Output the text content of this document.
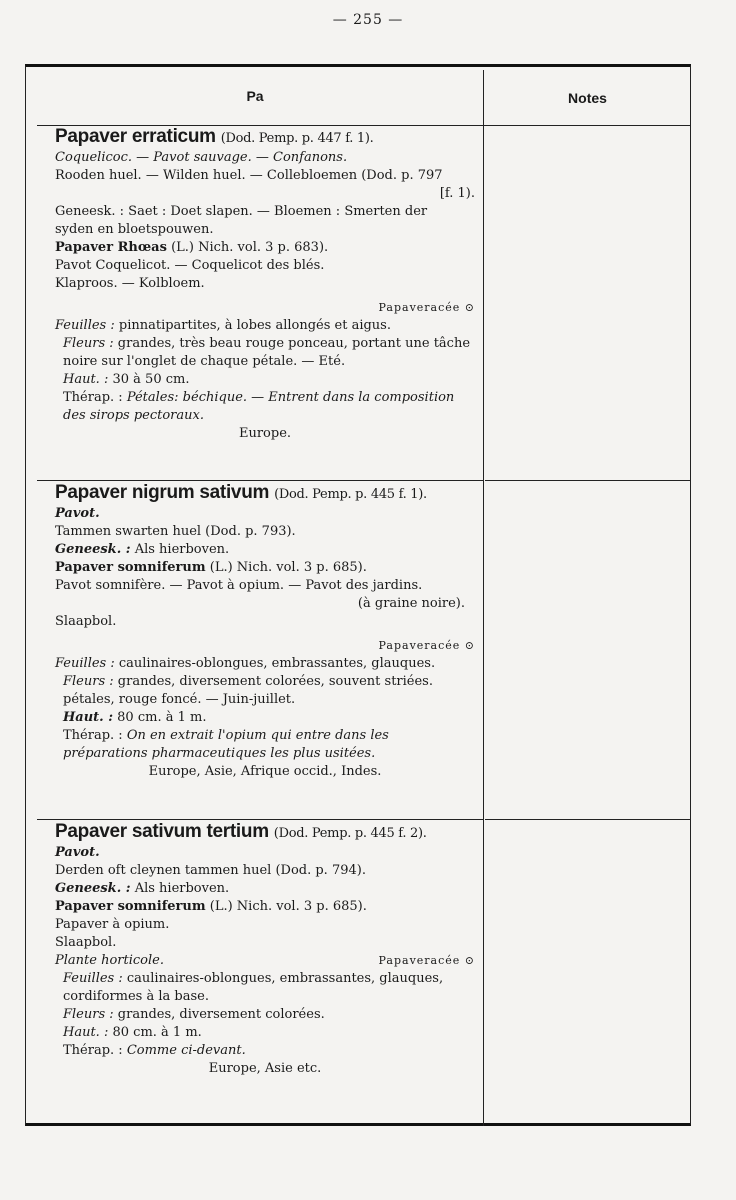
— 255 —
Pa	Notes
Papaver erraticum (Dod. Pemp. p. 447 f. 1).
Coquelicoc. — Pavot sauvage. — Confanons.
Rooden huel. — Wilden huel. — Collebloemen (Dod. p. 797
[f. 1).
Geneesk. : Saet : Doet slapen. — Bloemen : Smerten der
syden en bloetspouwen.
Papaver Rhœas (L.) Nich. vol. 3 p. 683).
Pavot Coquelicot. — Coquelicot des blés.
Klaproos. — Kolbloem.
Papaveracée ⊙
Feuilles : pinnatipartites, à lobes allongés et aigus.
Fleurs : grandes, très beau rouge ponceau, portant une tâche noire sur l'onglet de chaque pétale. — Eté.
Haut. : 30 à 50 cm.
Thérap. : Pétales: béchique. — Entrent dans la composition des sirops pectoraux.
Europe.
Papaver nigrum sativum (Dod. Pemp. p. 445 f. 1).
Pavot.
Tammen swarten huel (Dod. p. 793).
Geneesk. : Als hierboven.
Papaver somniferum (L.) Nich. vol. 3 p. 685).
Pavot somnifère. — Pavot à opium. — Pavot des jardins.
(à graine noire).
Slaapbol.
Papaveracée ⊙
Feuilles : caulinaires-oblongues, embrassantes, glauques.
Fleurs : grandes, diversement colorées, souvent striées. pétales, rouge foncé. — Juin-juillet.
Haut. : 80 cm. à 1 m.
Thérap. : On en extrait l'opium qui entre dans les préparations pharmaceutiques les plus usitées.
Europe, Asie, Afrique occid., Indes.
Papaver sativum tertium (Dod. Pemp. p. 445 f. 2).
Pavot.
Derden oft cleynen tammen huel (Dod. p. 794).
Geneesk. : Als hierboven.
Papaver somniferum (L.) Nich. vol. 3 p. 685).
Papaver à opium.
Slaapbol.
Plante horticole.	Papaveracée ⊙
Feuilles : caulinaires-oblongues, embrassantes, glauques, cordiformes à la base.
Fleurs : grandes, diversement colorées.
Haut. : 80 cm. à 1 m.
Thérap. : Comme ci-devant.
Europe, Asie etc.
